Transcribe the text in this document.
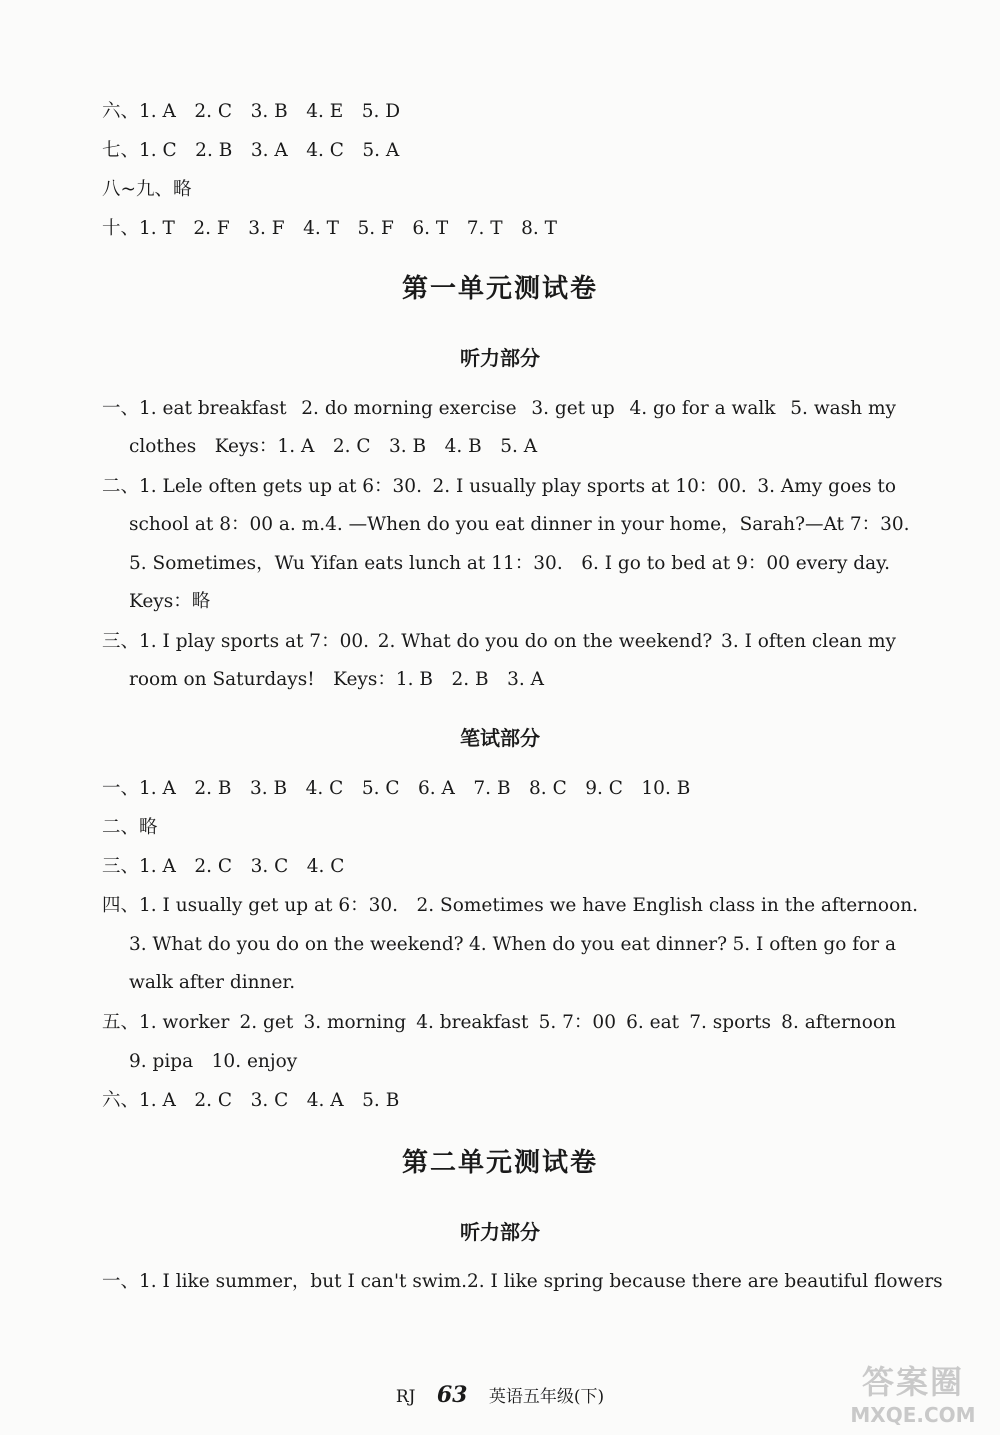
六、1. A　2. C　3. B　4. E　5. D
七、1. C　2. B　3. A　4. C　5. A
八~九、略
十、1. T　2. F　3. F　4. T　5. F　6. T　7. T　8. T
第一单元测试卷
听力部分
一、1. eat breakfast 2. do morning exercise 3. get up 4. go for a walk 5. wash my
clothes　Keys：1. A　2. C　3. B　4. B　5. A
二、1. Lele often gets up at 6：30. 2. I usually play sports at 10：00. 3. Amy goes to
school at 8：00 a. m. 4. —When do you eat dinner in your home，Sarah? —At 7：30.
5. Sometimes，Wu Yifan eats lunch at 11：30.　6. I go to bed at 9：00 every day.
Keys：略
三、1. I play sports at 7：00. 2. What do you do on the weekend? 3. I often clean my
room on Saturdays!　Keys：1. B　2. B　3. A
笔试部分
一、1. A　2. B　3. B　4. C　5. C　6. A　7. B　8. C　9. C　10. B
二、略
三、1. A　2. C　3. C　4. C
四、1. I usually get up at 6：30.　2. Sometimes we have English class in the afternoon.
3. What do you do on the weekend? 4. When do you eat dinner? 5. I often go for a
walk after dinner.
五、1. worker 2. get 3. morning 4. breakfast 5. 7：00 6. eat 7. sports 8. afternoon
9. pipa　10. enjoy
六、1. A　2. C　3. C　4. A　5. B
第二单元测试卷
听力部分
一、1. I like summer，but I can't swim. 2. I like spring because there are beautiful flowers
RJ 63 英语五年级(下)	答案圈
MXQE.COM
